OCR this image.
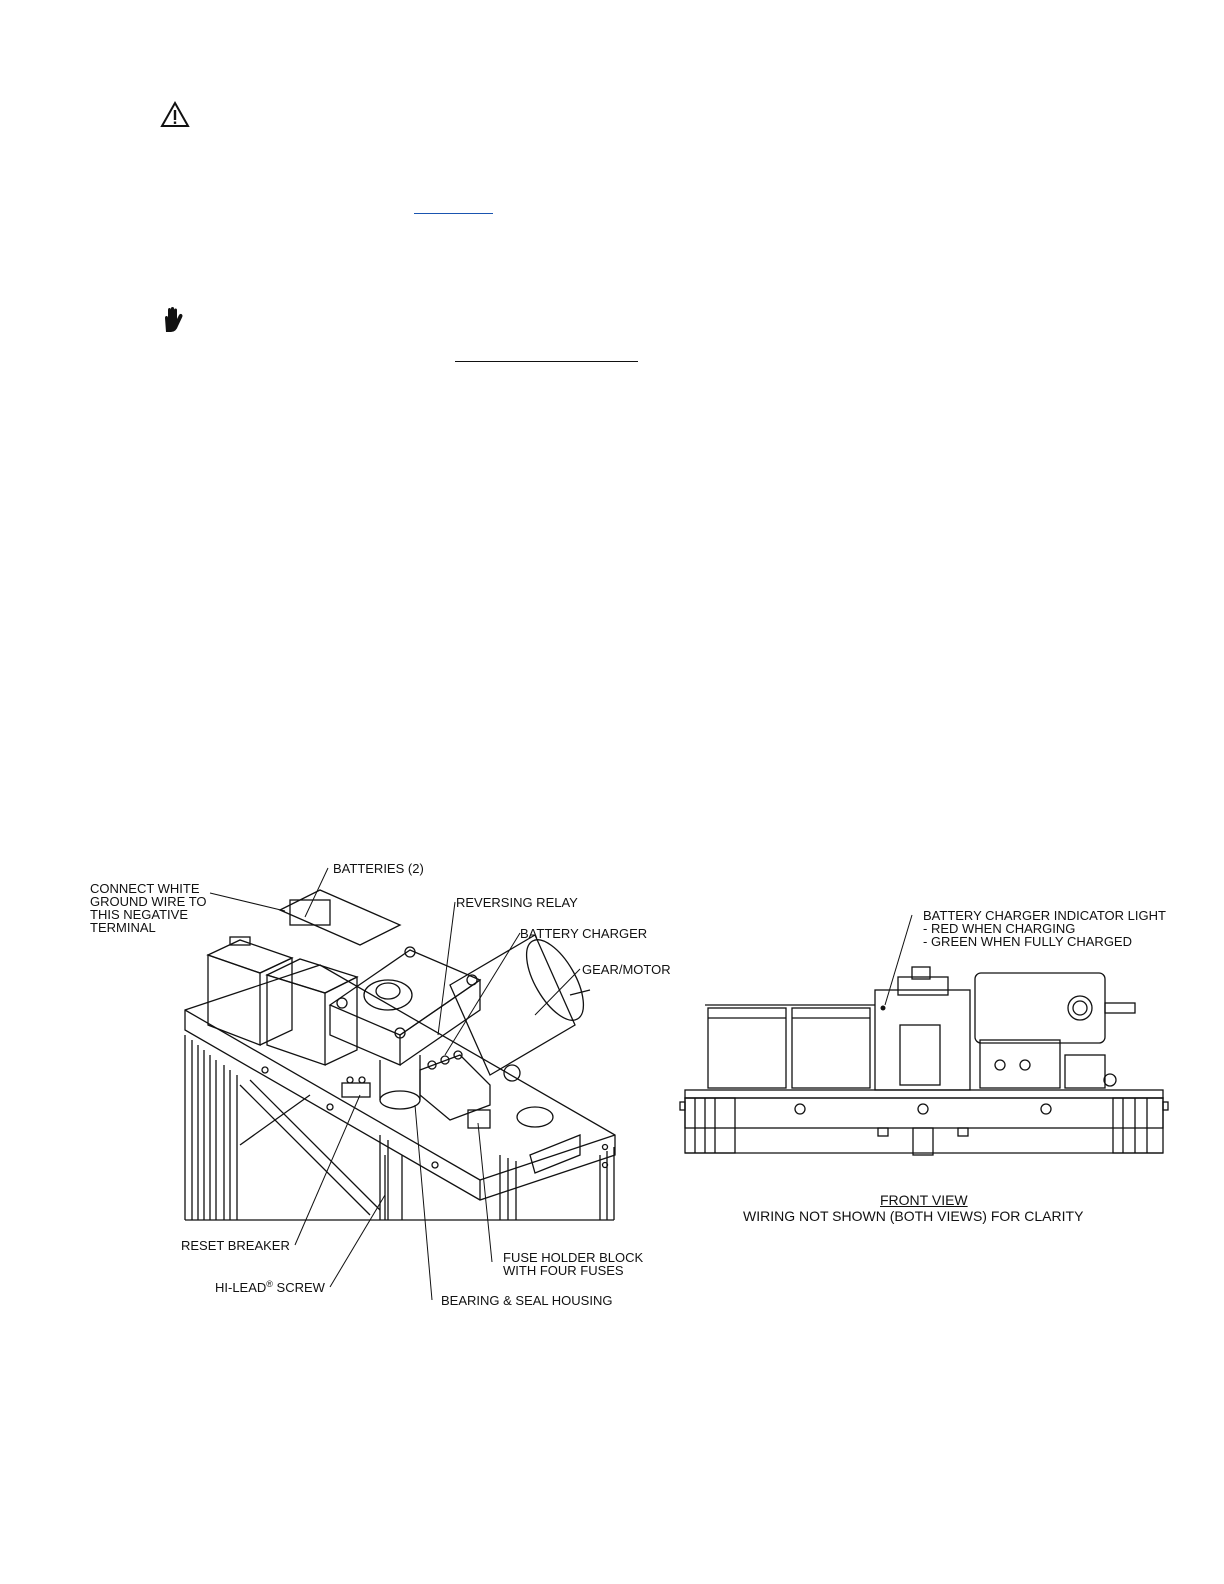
CONNECT WHITE
GROUND WIRE TO
THIS NEGATIVE
TERMINAL
BATTERIES (2)
REVERSING RELAY
BATTERY CHARGER
GEAR/MOTOR
RESET BREAKER
HI-LEAD® SCREW
FUSE HOLDER BLOCK
WITH FOUR FUSES
BEARING & SEAL HOUSING
BATTERY CHARGER INDICATOR LIGHT
- RED WHEN CHARGING
- GREEN WHEN FULLY CHARGED
FRONT VIEW
WIRING NOT SHOWN (BOTH VIEWS) FOR CLARITY
